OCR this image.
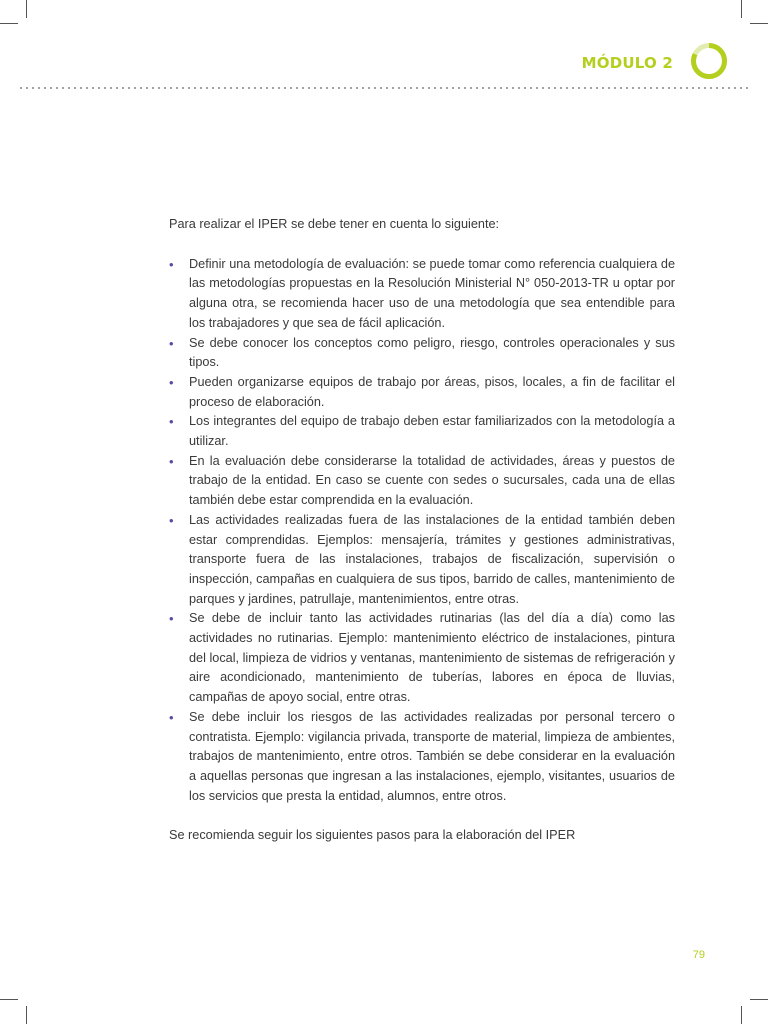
MÓDULO 2

Para realizar el IPER se debe tener en cuenta lo siguiente:

• Definir una metodología de evaluación: se puede tomar como referencia cualquiera de las metodologías propuestas en la Resolución Ministerial N° 050-2013-TR u optar por alguna otra, se recomienda hacer uso de una metodología que sea entendible para los trabajadores y que sea de fácil aplicación.
• Se debe conocer los conceptos como peligro, riesgo, controles operacionales y sus tipos.
• Pueden organizarse equipos de trabajo por áreas, pisos, locales, a fin de facilitar el proceso de elaboración.
• Los integrantes del equipo de trabajo deben estar familiarizados con la metodología a utilizar.
• En la evaluación debe considerarse la totalidad de actividades, áreas y puestos de trabajo de la entidad. En caso se cuente con sedes o sucursales, cada una de ellas también debe estar comprendida en la evaluación.
• Las actividades realizadas fuera de las instalaciones de la entidad también deben estar comprendidas. Ejemplos: mensajería, trámites y gestiones administrativas, transporte fuera de las instalaciones, trabajos de fiscalización, supervisión o inspección, campañas en cualquiera de sus tipos, barrido de calles, mantenimiento de parques y jardines, patrullaje, mantenimientos, entre otras.
• Se debe de incluir tanto las actividades rutinarias (las del día a día) como las actividades no rutinarias. Ejemplo: mantenimiento eléctrico de instalaciones, pintura del local, limpieza de vidrios y ventanas, mantenimiento de sistemas de refrigeración y aire acondicionado, mantenimiento de tuberías, labores en época de lluvias, campañas de apoyo social, entre otras.
• Se debe incluir los riesgos de las actividades realizadas por personal tercero o contratista. Ejemplo: vigilancia privada, transporte de material, limpieza de ambientes, trabajos de mantenimiento, entre otros. También se debe considerar en la evaluación a aquellas personas que ingresan a las instalaciones, ejemplo, visitantes, usuarios de los servicios que presta la entidad, alumnos, entre otros.

Se recomienda seguir los siguientes pasos para la elaboración del IPER

79
